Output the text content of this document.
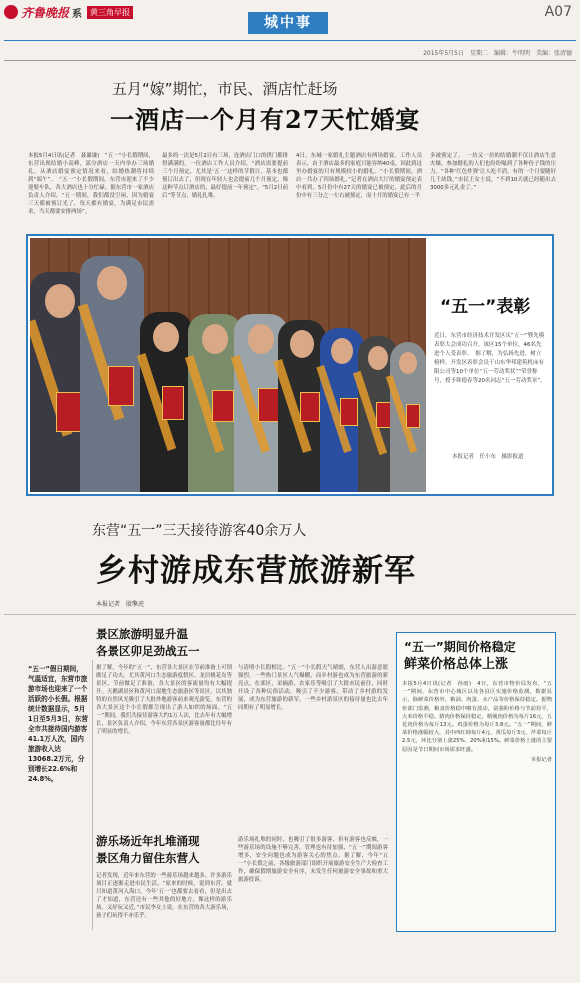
齐鲁晚报 系	黄三角早报
城中事
A07
2015年5月5日　星期二　编辑：牛明明　美编：张清德
五月“嫁”期忙，市民、酒店忙赶场
一酒店一个月有27天忙婚宴
本报5月4日讯(记者　聂谦谦)　“五一”小长假期间，东营出现结婚小高峰，部分酒店一天内举办三场婚礼，从酒店婚宴预定情况来看，结婚热潮将持续到“端午”。　“五一”小长假期间，东营市迎来了不少迎娶车队，各大酒店也十分忙碌。据东营市一家酒店负责人介绍，“五一期间，我们都没空闲，因为婚宴三天都被预订光了，每天都有婚宴，为满足市民需求，当天都要安排两场”。
最多的一次是5月2日有三场，连酒店门口的拱门都排得满满的，一位酒店工作人员介绍，“酒店需要提前三个月预定，尤其是‘五一’这样的节假日，基本也都预订出去了，但现在年轻人也会提前几个月预定，像这种节点订酒店的，最好提前一年预定”，“5月2日前后”等节点，婚礼扎堆。
4日，东城一家婚礼主题酒店有两场婚宴。工作人员表示，由于酒店最多的家庭只能容纳40桌，因此到这里办婚宴的只有规模较小的婚礼。“小长假期间，酒店一共办了四场婚礼，”记者在酒店大厅的婚宴预定表中看到，5月份中有27天的婚宴已被预定，此后的月份中有三分之一左右被预定，而十月的婚宴已有一半
多被预定了。　一坊又一坊的结婚潮不仅让酒店生意火爆，参加婚礼的人们也纷纷嘬到了各种份子钱的压力。“各种‘红色炸弹’让人吃不消，有的一个月要随好几千块钱，”市民王女士说，“不到10天就已经随出去3000多元礼金了。”
“五一”表彰
近日，东营市经济技术开发区庆“五一”暨先模表彰大会成功召开，该区15个单位，46名先进个人受表彰。　据了解，为弘扬先进、树立榜样，开发区表彰会员干山东华邦建筑机床有限公司等10个单位“五一劳动奖状”“荣誉称号，授予韩德春等20名同志“五一劳动奖章”。
本报记者　任小东　摄影报道
东营“五一”三天接待游客40余万人
乡村游成东营旅游新军
本报记者　殷擎虎
景区旅游明显升温
各景区卯足劲战五一
“五一”假日期间，气温适宜，东营市旅游市场也迎来了一个活跃的小长假。根据统计数据显示，5月1日至5月3日，东营全市共接待国内游客41.1万人次，国内旅游收入达13068.2万元，分别增长22.6%和24.8%。
据了解，今年的“五一”，东营各大景区在节前准备上可谓做足了功夫。尤其黄河口生态旅游度假区、龙居桃花岛等景区，节前做足了准备，各大景区的客流量均有大幅提升。天鹅湖景区和黄河口湿地生态旅游区等景区，以其独特的自然风光吸引了大批外地游客前来观光游览，东营的各大景区这个小长假都呈现出了游人如织的场面。“五一”期间，我们共接待游客大约1万人次，比去年有大幅增长，景区负责人介绍，今年东营各景区游客量都比往年有了明显的增长。
与清明小长假相比，“五一”小长假天气晴朗，东营人出游意愿强烈，一些热门景区人气爆棚，而乡村游也成为东营旅游的新亮点，在郊区，采摘游、农家乐等吸引了大批市民前往，同时开设了各种民俗活动，吸引了不少游客，带动了乡村游的发展，成为东营旅游的新军，一些乡村游景区的接待量也比去年同期有了明显增长。
游乐场近年扎堆涌现
景区角力留住东营人
记者发现，近年来东营的一些游乐场越来越多，许多游乐项目正逐渐走进市民生活。“原来的时候，说到东营，就只知道黄河入海口，今年‘五一’也都要去看看，但是出去了才知道，东营还有一些其他的好地方，像这样的游乐场，又好玩又近，”市民李女士说。在东营的各大游乐场，孩子们玩得不亦乐乎。
游乐场扎堆的同时，也吸引了很多游客，但有游客也反映，一些游乐场的设施不够完善，管理也有待加强，“五一”期间游客增多，安全问题也成为游客关心的焦点。据了解，今年“五一”小长假之前，各级旅游部门组织开展旅游安全生产大检查工作，确保假期旅游安全有序，未发生任何旅游安全事故和重大旅游投诉。
“五一”期间价格稳定
鲜菜价格总体上涨
本报5月4日讯(记者　孙雨)　4日，东营市物价局发布，“五一”期间，东营市中心城区以及各县区实施价格监测，数据显示，除鲜菜价格外，粮油、肉蛋、水产品等价格保持稳定。据物价部门监测，粮食价格稳中略有波动，富强粉价格与节前持平，大米价格平稳。猪肉价格保持稳定，精瘦肉价格为每斤16元，五花肉价格为每斤13元。鸡蛋价格为每斤3.8元。“五一”期间，鲜菜价格涨幅较大，其中西红柿每斤4元、黄瓜每斤3元、芹菜每斤2.5元，环比分别上涨25%、20%和15%。鲜菜价格上涨的主要原因是节日期间市场需求旺盛。
本报记者
